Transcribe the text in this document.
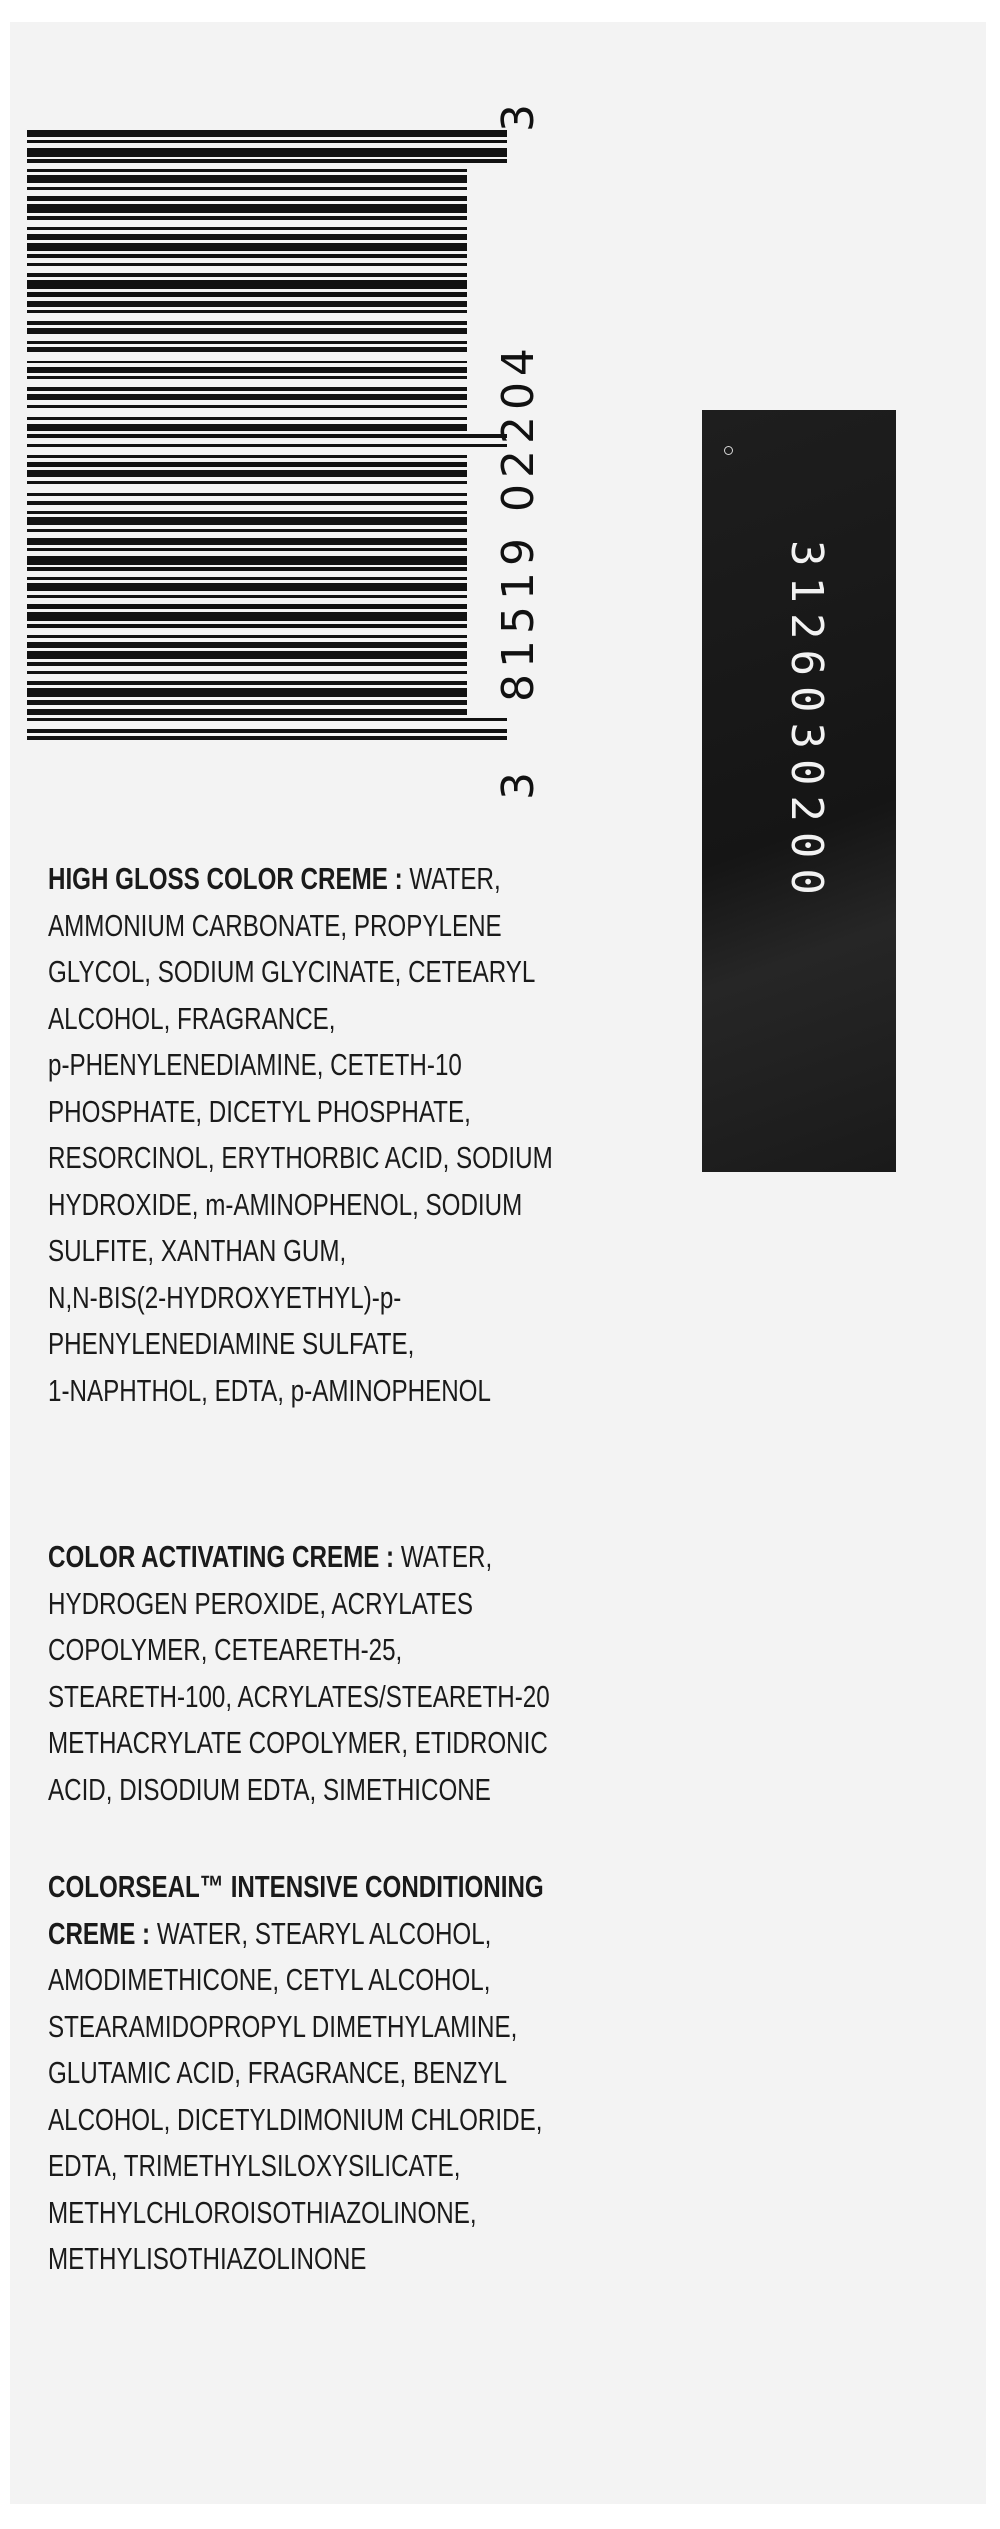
3
81519 02204
3
3126030200
HIGH GLOSS COLOR CREME : WATER,
AMMONIUM CARBONATE, PROPYLENE
GLYCOL, SODIUM GLYCINATE, CETEARYL
ALCOHOL, FRAGRANCE,
p-PHENYLENEDIAMINE, CETETH-10
PHOSPHATE, DICETYL PHOSPHATE,
RESORCINOL, ERYTHORBIC ACID, SODIUM
HYDROXIDE, m-AMINOPHENOL, SODIUM
SULFITE, XANTHAN GUM,
N,N-BIS(2-HYDROXYETHYL)-p-
PHENYLENEDIAMINE SULFATE,
1-NAPHTHOL, EDTA, p-AMINOPHENOL
COLOR ACTIVATING CREME : WATER,
HYDROGEN PEROXIDE, ACRYLATES
COPOLYMER, CETEARETH-25,
STEARETH-100, ACRYLATES/STEARETH-20
METHACRYLATE COPOLYMER, ETIDRONIC
ACID, DISODIUM EDTA, SIMETHICONE
COLORSEAL™ INTENSIVE CONDITIONING
CREME : WATER, STEARYL ALCOHOL,
AMODIMETHICONE, CETYL ALCOHOL,
STEARAMIDOPROPYL DIMETHYLAMINE,
GLUTAMIC ACID, FRAGRANCE, BENZYL
ALCOHOL, DICETYLDIMONIUM CHLORIDE,
EDTA, TRIMETHYLSILOXYSILICATE,
METHYLCHLOROISOTHIAZOLINONE,
METHYLISOTHIAZOLINONE
